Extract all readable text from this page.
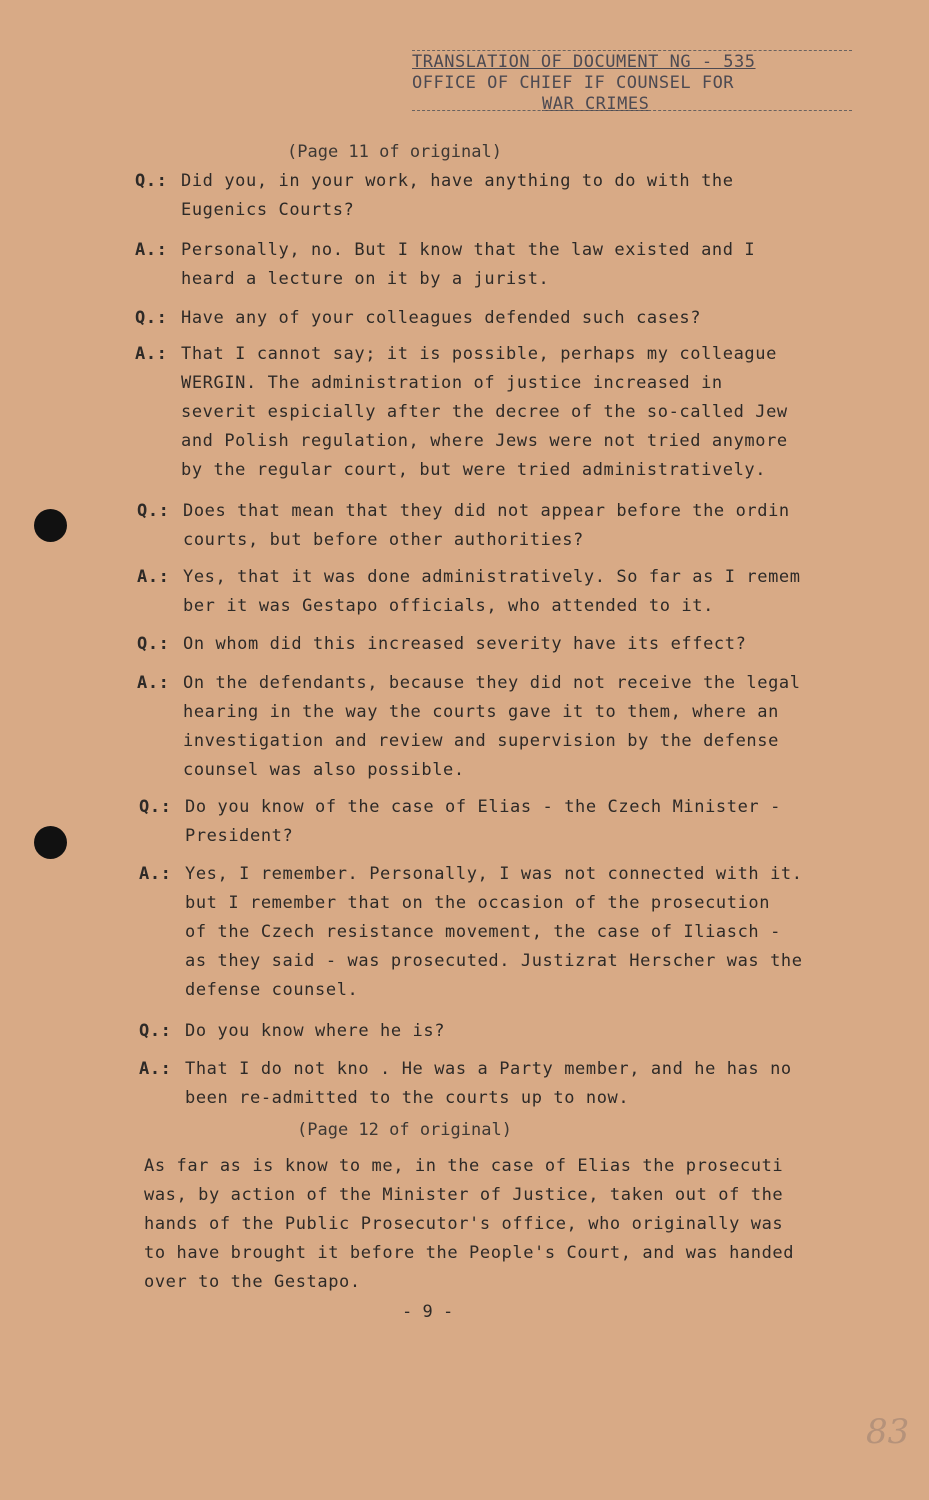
TRANSLATION OF DOCUMENT NG - 535
OFFICE OF CHIEF IF COUNSEL FOR
WAR CRIMES
(Page 11 of original)
Q.: Did you, in your work, have anything to do with the
Eugenics Courts?
A.: Personally, no. But I know that the law existed and I
heard a lecture on it by a jurist.
Q.: Have any of your colleagues defended such cases?
A.: That I cannot say; it is possible, perhaps my colleague
WERGIN. The administration of justice increased in
severit espicially after the decree of the so-called Jew
and Polish regulation, where Jews were not tried anymore
by the regular court, but were tried administratively.
Q.: Does that mean that they did not appear before the ordin
courts, but before other authorities?
A.: Yes, that it was done administratively. So far as I remem
ber it was Gestapo officials, who attended to it.
Q.: On whom did this increased severity have its effect?
A.: On the defendants, because they did not receive the legal
hearing in the way the courts gave it to them, where an
investigation and review and supervision by the defense
counsel was also possible.
Q.: Do you know of the case of Elias - the Czech Minister -
President?
A.: Yes, I remember. Personally, I was not connected with it.
but I remember that on the occasion of the prosecution
of the Czech resistance movement, the case of Iliasch -
as they said - was prosecuted. Justizrat Herscher was the
defense counsel.
Q.: Do you know where he is?
A.: That I do not kno . He was a Party member, and he has no
been re-admitted to the courts up to now.
(Page 12 of original)
As far as is know to me, in the case of Elias the prosecuti
was, by action of the Minister of Justice, taken out of the
hands of the Public Prosecutor's office, who originally was
to have brought it before the People's Court, and was handed
over to the Gestapo.
- 9 -
83
